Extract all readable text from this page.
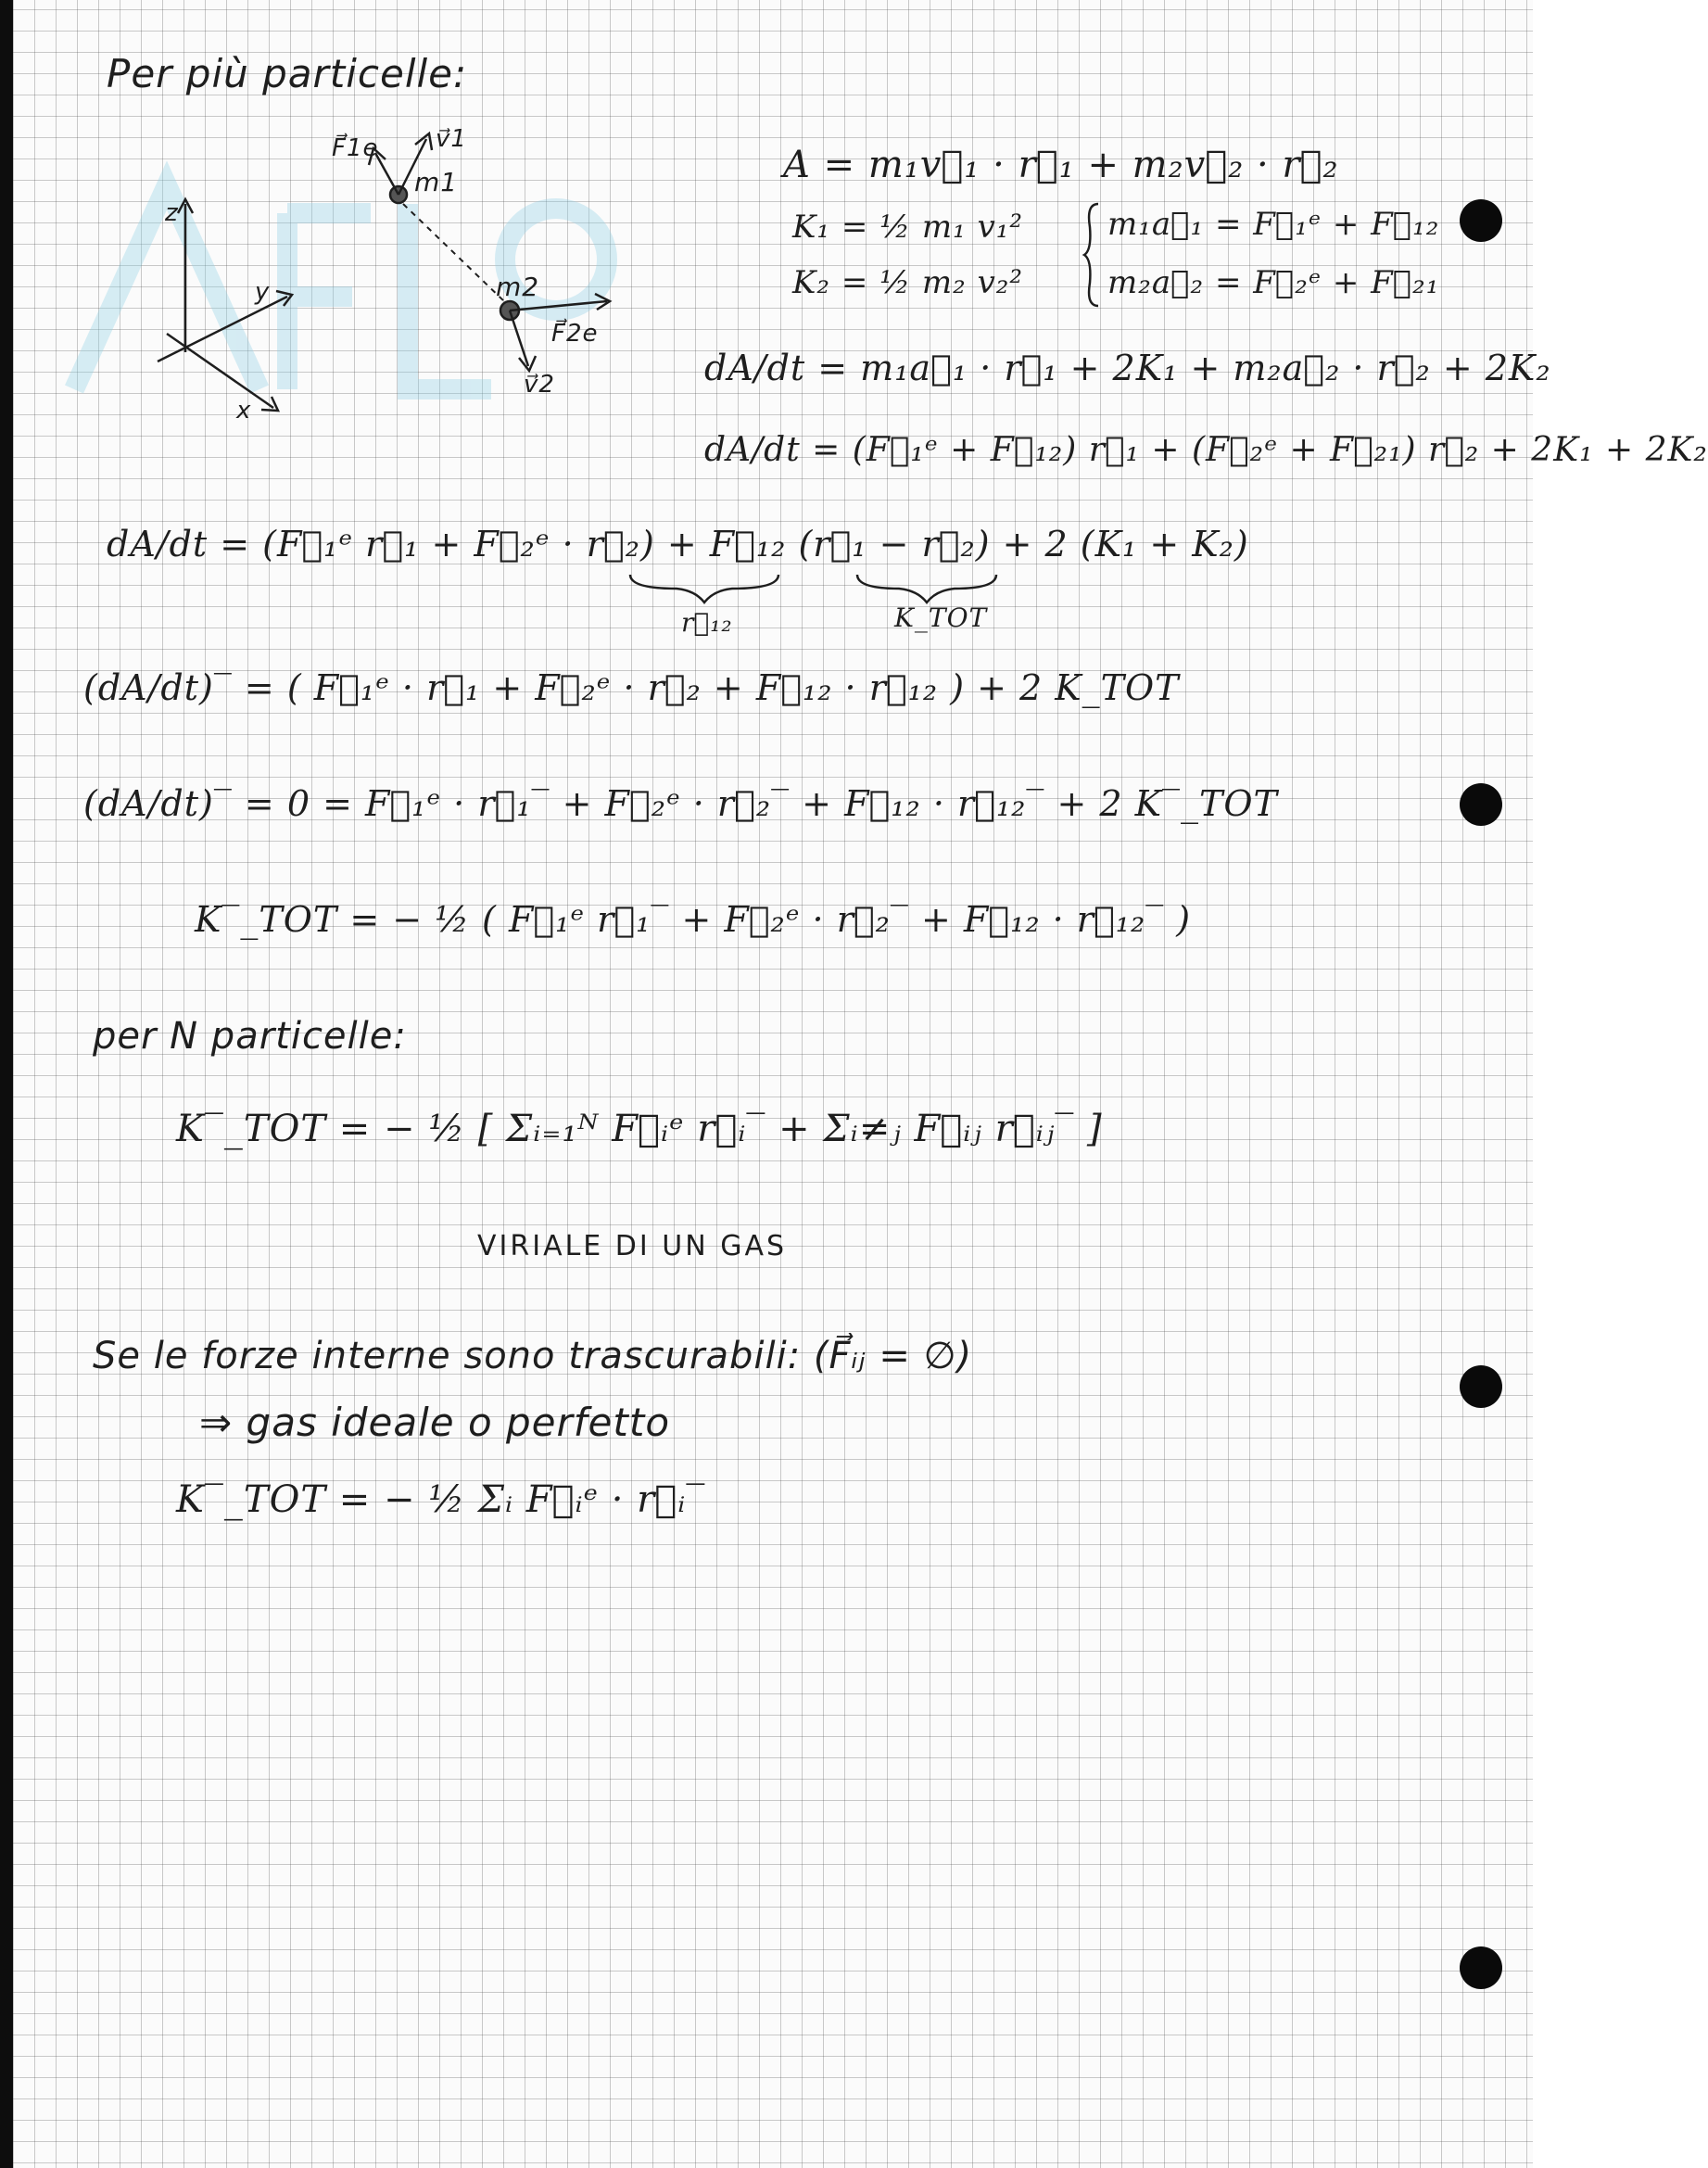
Per più particelle:
z
y
x
F⃗1e v⃗1
m1
m2
F⃗2e
v⃗2
A = m₁v⃗₁ · r⃗₁ + m₂v⃗₂ · r⃗₂
K₁ = ½ m₁ v₁²
K₂ = ½ m₂ v₂²
m₁a⃗₁ = F⃗₁ᵉ + F⃗₁₂
m₂a⃗₂ = F⃗₂ᵉ + F⃗₂₁
dA/dt = m₁a⃗₁ · r⃗₁ + 2K₁ + m₂a⃗₂ · r⃗₂ + 2K₂
dA/dt = (F⃗₁ᵉ + F⃗₁₂) r⃗₁ + (F⃗₂ᵉ + F⃗₂₁) r⃗₂ + 2K₁ + 2K₂
dA/dt = (F⃗₁ᵉ r⃗₁ + F⃗₂ᵉ · r⃗₂) + F⃗₁₂ (r⃗₁ − r⃗₂) + 2 (K₁ + K₂)
r⃗₁₂	K_TOT
(dA/dt)‾ = ( F⃗₁ᵉ · r⃗₁ + F⃗₂ᵉ · r⃗₂ + F⃗₁₂ · r⃗₁₂ ) + 2 K_TOT
(dA/dt)‾ = 0 = F⃗₁ᵉ · r⃗₁‾ + F⃗₂ᵉ · r⃗₂‾ + F⃗₁₂ · r⃗₁₂‾ + 2 K‾_TOT
K‾_TOT = − ½ ( F⃗₁ᵉ r⃗₁‾ + F⃗₂ᵉ · r⃗₂‾ + F⃗₁₂ · r⃗₁₂‾ )
per N particelle:
K‾_TOT = − ½ [ Σᵢ₌₁ᴺ F⃗ᵢᵉ r⃗ᵢ‾ + Σᵢ≠ⱼ F⃗ᵢⱼ r⃗ᵢⱼ‾ ]
VIRIALE DI UN GAS
Se le forze interne sono trascurabili: (F⃗ᵢⱼ = ∅)
⇒ gas ideale o perfetto
K‾_TOT = − ½ Σᵢ F⃗ᵢᵉ · r⃗ᵢ‾
